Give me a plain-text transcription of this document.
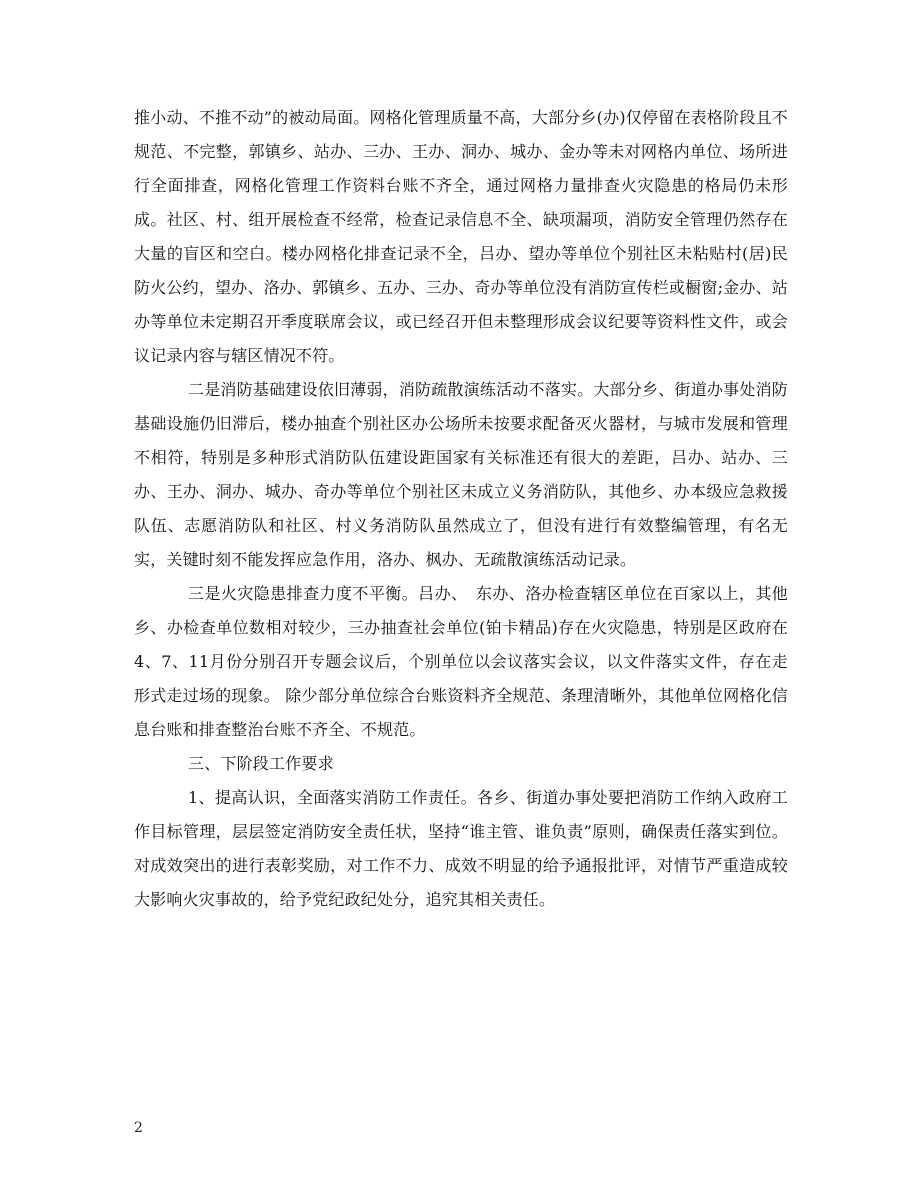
推小动、不推不动”的被动局面。网格化管理质量不高，大部分乡(办)仅停留在表格阶段且不规范、不完整，郭镇乡、站办、三办、王办、洞办、城办、金办等未对网格内单位、场所进行全面排查，网格化管理工作资料台账不齐全，通过网格力量排查火灾隐患的格局仍未形成。社区、村、组开展检查不经常，检查记录信息不全、缺项漏项，消防安全管理仍然存在大量的盲区和空白。楼办网格化排查记录不全，吕办、望办等单位个别社区未粘贴村(居)民防火公约，望办、洛办、郭镇乡、五办、三办、奇办等单位没有消防宣传栏或橱窗;金办、站办等单位未定期召开季度联席会议，或已经召开但未整理形成会议纪要等资料性文件，或会议记录内容与辖区情况不符。

二是消防基础建设依旧薄弱，消防疏散演练活动不落实。大部分乡、街道办事处消防基础设施仍旧滞后，楼办抽查个别社区办公场所未按要求配备灭火器材，与城市发展和管理不相符，特别是多种形式消防队伍建设距国家有关标准还有很大的差距，吕办、站办、三办、王办、洞办、城办、奇办等单位个别社区未成立义务消防队，其他乡、办本级应急救援队伍、志愿消防队和社区、村义务消防队虽然成立了，但没有进行有效整编管理，有名无实，关键时刻不能发挥应急作用，洛办、枫办、无疏散演练活动记录。

三是火灾隐患排查力度不平衡。吕办、　东办、洛办检查辖区单位在百家以上，其他乡、办检查单位数相对较少，三办抽查社会单位(铂卡精品)存在火灾隐患，特别是区政府在4、7、11月份分别召开专题会议后，个别单位以会议落实会议，以文件落实文件，存在走形式走过场的现象。 除少部分单位综合台账资料齐全规范、条理清晰外，其他单位网格化信息台账和排查整治台账不齐全、不规范。

三、下阶段工作要求

1、提高认识，全面落实消防工作责任。各乡、街道办事处要把消防工作纳入政府工作目标管理，层层签定消防安全责任状，坚持“谁主管、谁负责”原则，确保责任落实到位。对成效突出的进行表彰奖励，对工作不力、成效不明显的给予通报批评，对情节严重造成较大影响火灾事故的，给予党纪政纪处分，追究其相关责任。

2
